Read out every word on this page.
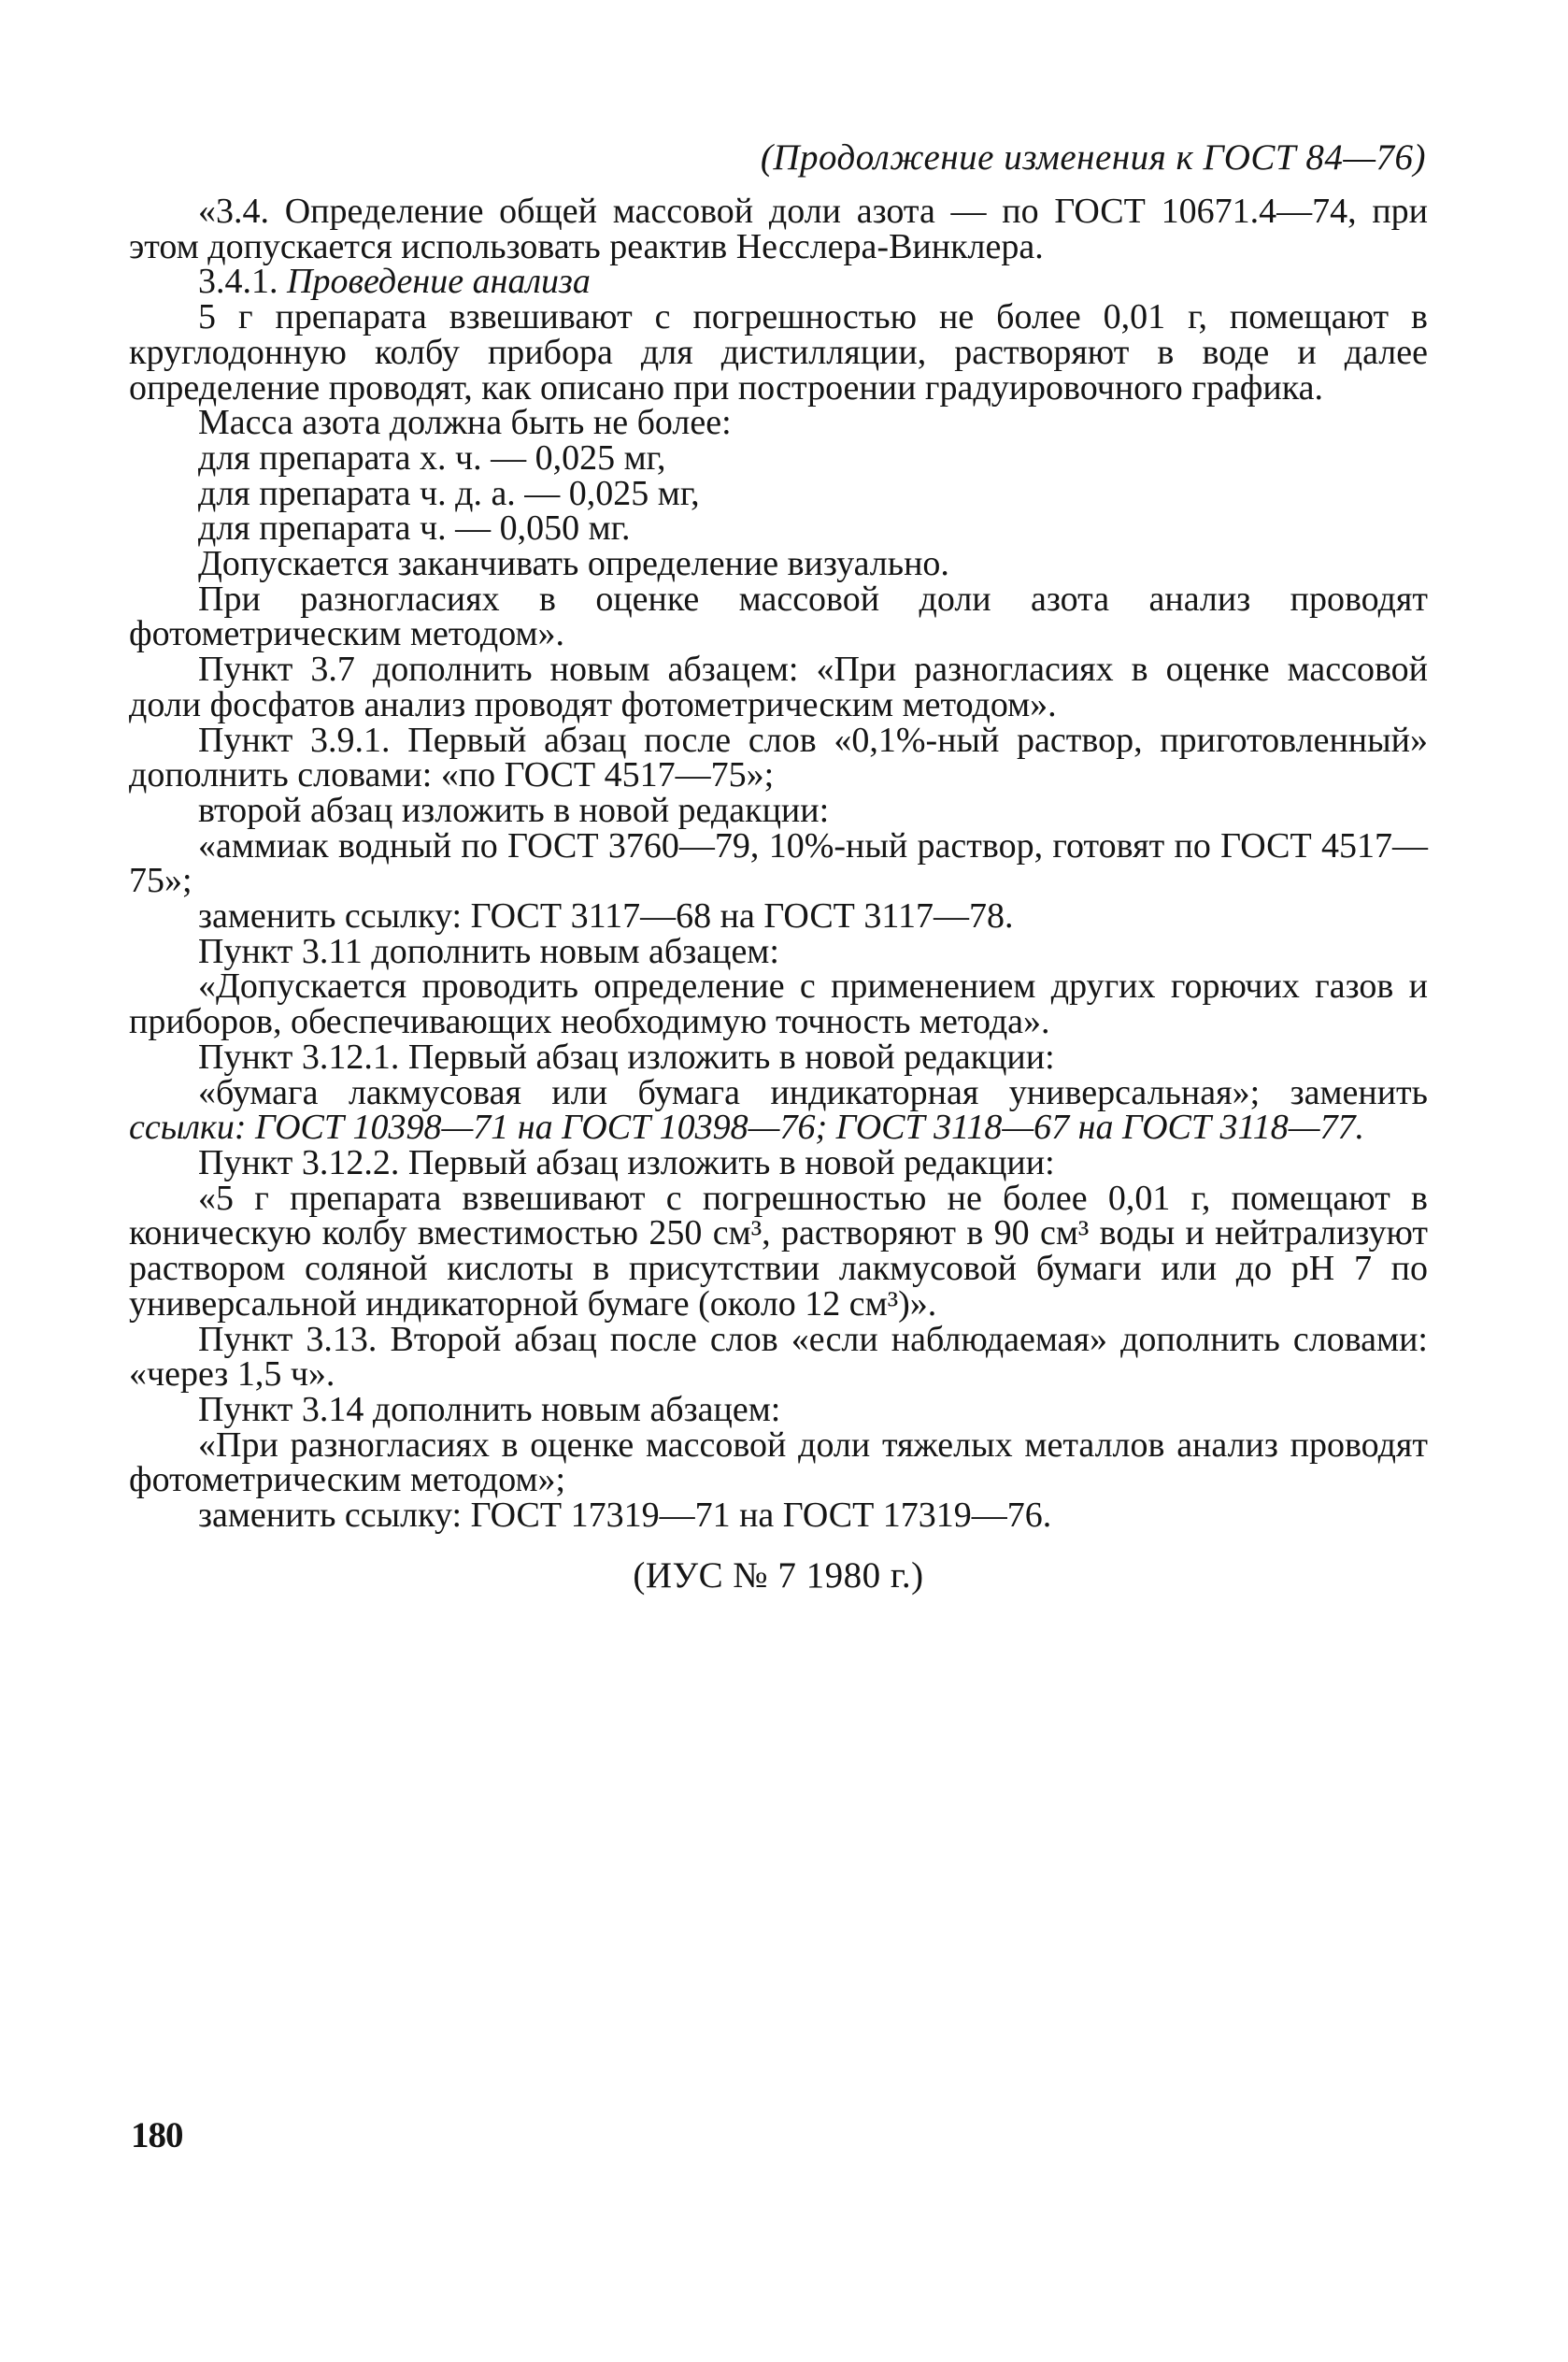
(Продолжение изменения к ГОСТ 84—76)

«3.4. Определение общей массовой доли азота — по ГОСТ 10671.4—74, при этом допускается использовать реактив Несслера-Винклера.

3.4.1. Проведение анализа

5 г препарата взвешивают с погрешностью не более 0,01 г, помещают в круглодонную колбу прибора для дистилляции, растворяют в воде и далее определение проводят, как описано при построении градуировочного графика.

Масса азота должна быть не более:

для препарата х. ч. — 0,025 мг,

для препарата ч. д. а. — 0,025 мг,

для препарата ч. — 0,050 мг.

Допускается заканчивать определение визуально.

При разногласиях в оценке массовой доли азота анализ проводят фотометрическим методом».

Пункт 3.7 дополнить новым абзацем: «При разногласиях в оценке массовой доли фосфатов анализ проводят фотометрическим методом».

Пункт 3.9.1. Первый абзац после слов «0,1%-ный раствор, приготовленный» дополнить словами: «по ГОСТ 4517—75»;

второй абзац изложить в новой редакции:

«аммиак водный по ГОСТ 3760—79, 10%-ный раствор, готовят по ГОСТ 4517—75»;

заменить ссылку: ГОСТ 3117—68 на ГОСТ 3117—78.

Пункт 3.11 дополнить новым абзацем:

«Допускается проводить определение с применением других горючих газов и приборов, обеспечивающих необходимую точность метода».

Пункт 3.12.1. Первый абзац изложить в новой редакции:

«бумага лакмусовая или бумага индикаторная универсальная»; заменить

ссылки: ГОСТ 10398—71 на ГОСТ 10398—76; ГОСТ 3118—67 на ГОСТ 3118—77.

Пункт 3.12.2. Первый абзац изложить в новой редакции:

«5 г препарата взвешивают с погрешностью не более 0,01 г, помещают в коническую колбу вместимостью 250 см³, растворяют в 90 см³ воды и нейтрализуют раствором соляной кислоты в присутствии лакмусовой бумаги или до рН 7 по универсальной индикаторной бумаге (около 12 см³)».

Пункт 3.13. Второй абзац после слов «если наблюдаемая» дополнить словами: «через 1,5 ч».

Пункт 3.14 дополнить новым абзацем:

«При разногласиях в оценке массовой доли тяжелых металлов анализ проводят фотометрическим методом»;

заменить ссылку: ГОСТ 17319—71 на ГОСТ 17319—76.

(ИУС № 7 1980 г.)
180
